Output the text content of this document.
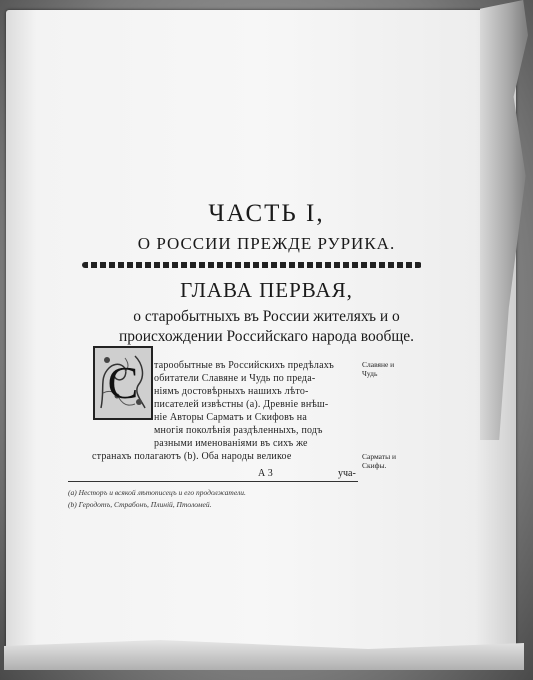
ЧАСТЬ I,
О РОССИИ ПРЕЖДЕ РУРИКА.
ГЛАВА ПЕРВАЯ,
о старобытныхъ въ России жителяхъ и о
происхождении Российскаго народа вообще.
С тарообытные въ Российскихъ предѣлахъ
обитатели Славяне и Чудь по преда-
ніямъ достовѣрныхъ нашихъ лѣто-
писателей извѣстны (а). Древніе внѣш-
ніе Авторы Сарматъ и Скифовъ на
многія поколѣнія раздѣленныхъ, подъ
разными именованіями въ сихъ же
странахъ полагаютъ (b). Оба народы великое
Славяне и Чудь
Сарматы и Скифы.
А 3	уча-
(а) Несторъ и всякой лѣтописецъ и его продолжатели.
(b) Геродотъ, Страбонъ, Плиній, Птоломей.
